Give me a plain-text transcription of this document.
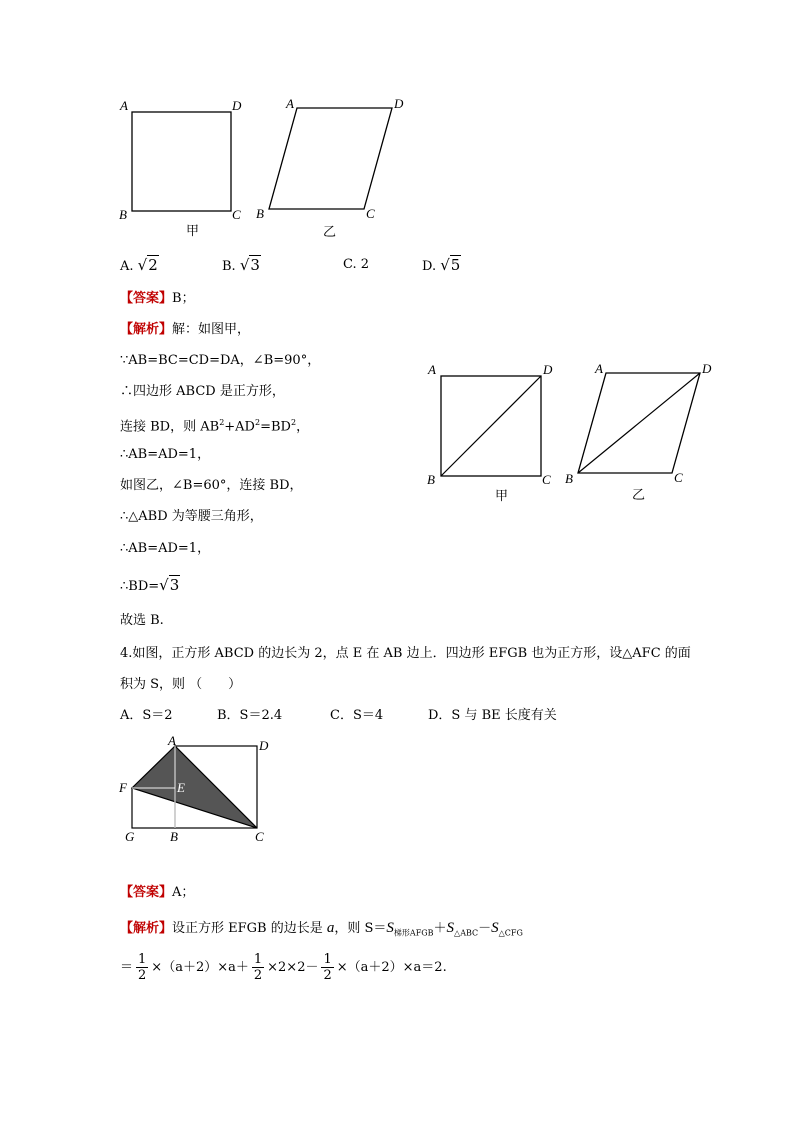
A	D
B	C
甲
A	D
B	C
乙
A. √2	B. √3	C. 2	D. √5
【答案】B；
【解析】解：如图甲，
∵AB=BC=CD=DA，∠B=90°，
∴四边形 ABCD 是正方形，
连接 BD，则 $AB^2+AD^2=BD^2$，
∴AB=AD=1，
如图乙，∠B=60°，连接 BD，
∴△ABD 为等腰三角形，
∴AB=AD=1，
∴BD=√3
故选 B.
A	D
B	C
甲
A	D
B	C
乙
4.如图，正方形 ABCD 的边长为 2，点 E 在 AB 边上．四边形 EFGB 也为正方形，设△AFC 的面
积为 S，则 （　　）
A．S＝2	B．S＝2.4	C．S＝4	D．S 与 BE 长度有关
A	D
F	E
G	B	C
【答案】A；
【解析】设正方形 EFGB 的边长是 a，则 $S=S_{梯形AFGB}+S_{\triangle ABC}-S_{\triangle CFG}$
＝ $\frac{1}{2} \times(a+2)\times a+ \frac{1}{2} \times 2\times 2- \frac{1}{2} \times(a+2)\times a=2$.
